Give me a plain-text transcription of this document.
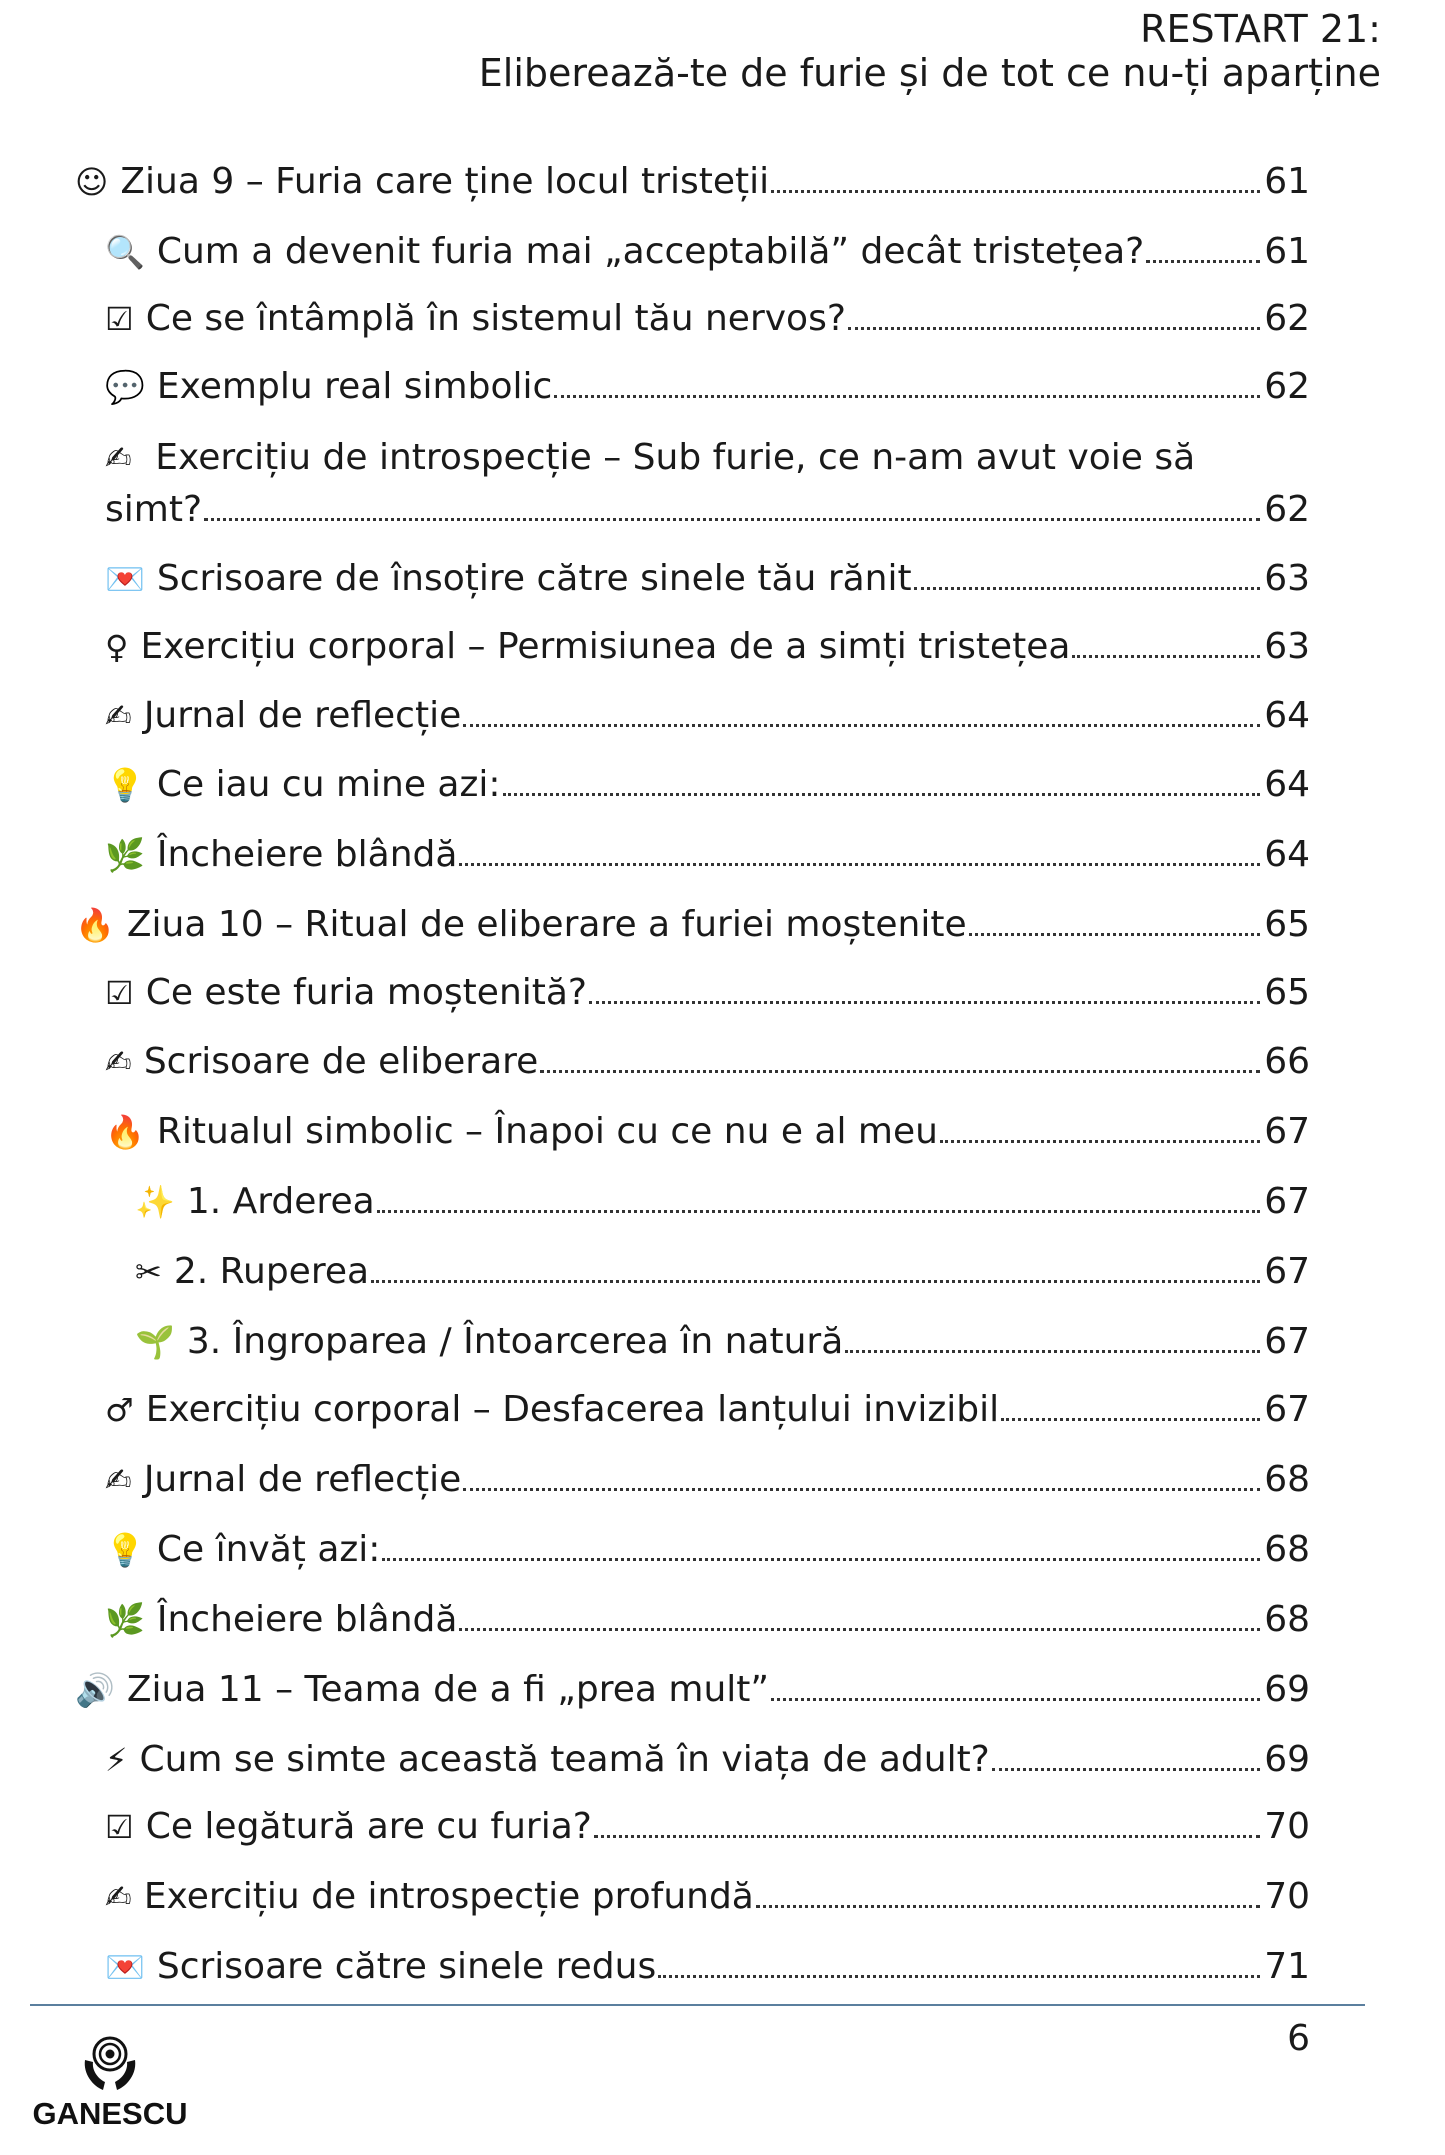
RESTART 21:
Eliberează-te de furie și de tot ce nu-ți aparține
☺ Ziua 9 – Furia care ține locul tristeții	61
🔍 Cum a devenit furia mai „acceptabilă” decât tristețea?	61
☑ Ce se întâmplă în sistemul tău nervos?	62
💬 Exemplu real simbolic	62
✍ Exercițiu de introspecție – Sub furie, ce n-am avut voie să
simt?	62
💌 Scrisoare de însoțire către sinele tău rănit	63
♀ Exercițiu corporal – Permisiunea de a simți tristețea	63
✍ Jurnal de reflecție	64
💡 Ce iau cu mine azi:	64
🌿 Încheiere blândă	64
🔥 Ziua 10 – Ritual de eliberare a furiei moștenite	65
☑ Ce este furia moștenită?	65
✍ Scrisoare de eliberare	66
🔥 Ritualul simbolic – Înapoi cu ce nu e al meu	67
✨ 1. Arderea	67
✂ 2. Ruperea	67
🌱 3. Îngroparea / Întoarcerea în natură	67
♂ Exercițiu corporal – Desfacerea lanțului invizibil	67
✍ Jurnal de reflecție	68
💡 Ce învăț azi:	68
🌿 Încheiere blândă	68
🔊 Ziua 11 – Teama de a fi „prea mult”	69
⚡ Cum se simte această teamă în viața de adult?	69
☑ Ce legătură are cu furia?	70
✍ Exercițiu de introspecție profundă	70
💌 Scrisoare către sinele redus	71
6
GANESCU
